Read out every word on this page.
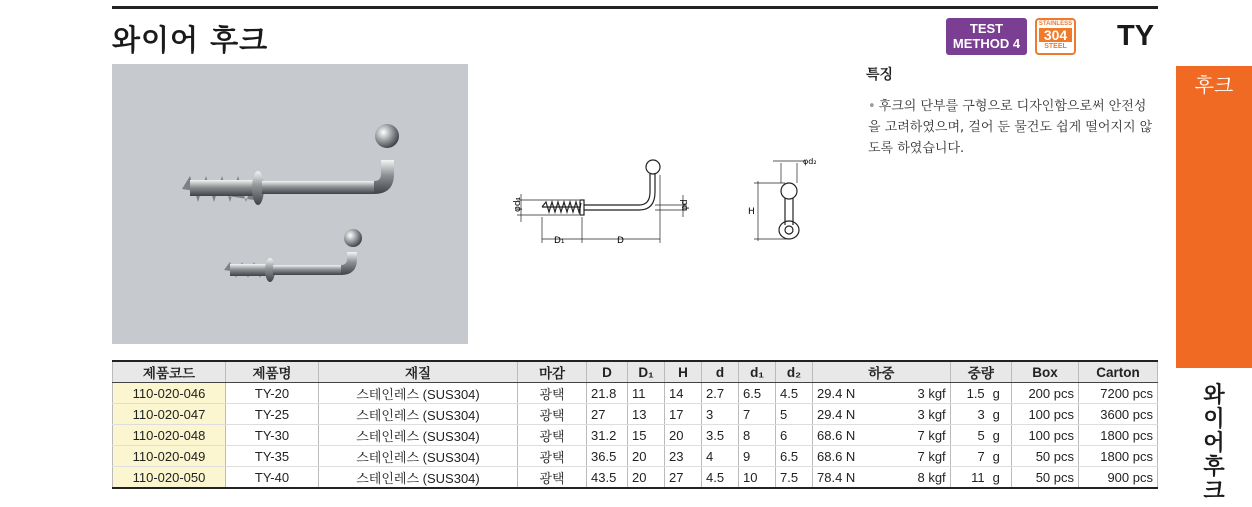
와이어 후크	TEST
METHOD 4
STAINLESS
304
STEEL TY
φd₁	φd
D₁	D
H
φd₂
특징
• 후크의 단부를 구형으로 디자인함으로써 안전성을 고려하였으며, 걸어 둔 물건도 쉽게 떨어지지 않도록 하였습니다.
후크
와
이
어
후
크
제품코드	제품명	재질	마감	D	D₁	H	d	d₁	d₂	하중		중량		Box	Carton
110-020-046	TY-20	스테인레스 (SUS304)	광택	21.8	11	14	2.7	6.5	4.5	29.4 N	3 kgf	1.5	g	200 pcs	7200 pcs
110-020-047	TY-25	스테인레스 (SUS304)	광택	27	13	17	3	7	5	29.4 N	3 kgf	3	g	100 pcs	3600 pcs
110-020-048	TY-30	스테인레스 (SUS304)	광택	31.2	15	20	3.5	8	6	68.6 N	7 kgf	5	g	100 pcs	1800 pcs
110-020-049	TY-35	스테인레스 (SUS304)	광택	36.5	20	23	4	9	6.5	68.6 N	7 kgf	7	g	50 pcs	1800 pcs
110-020-050	TY-40	스테인레스 (SUS304)	광택	43.5	20	27	4.5	10	7.5	78.4 N	8 kgf	11	g	50 pcs	900 pcs
